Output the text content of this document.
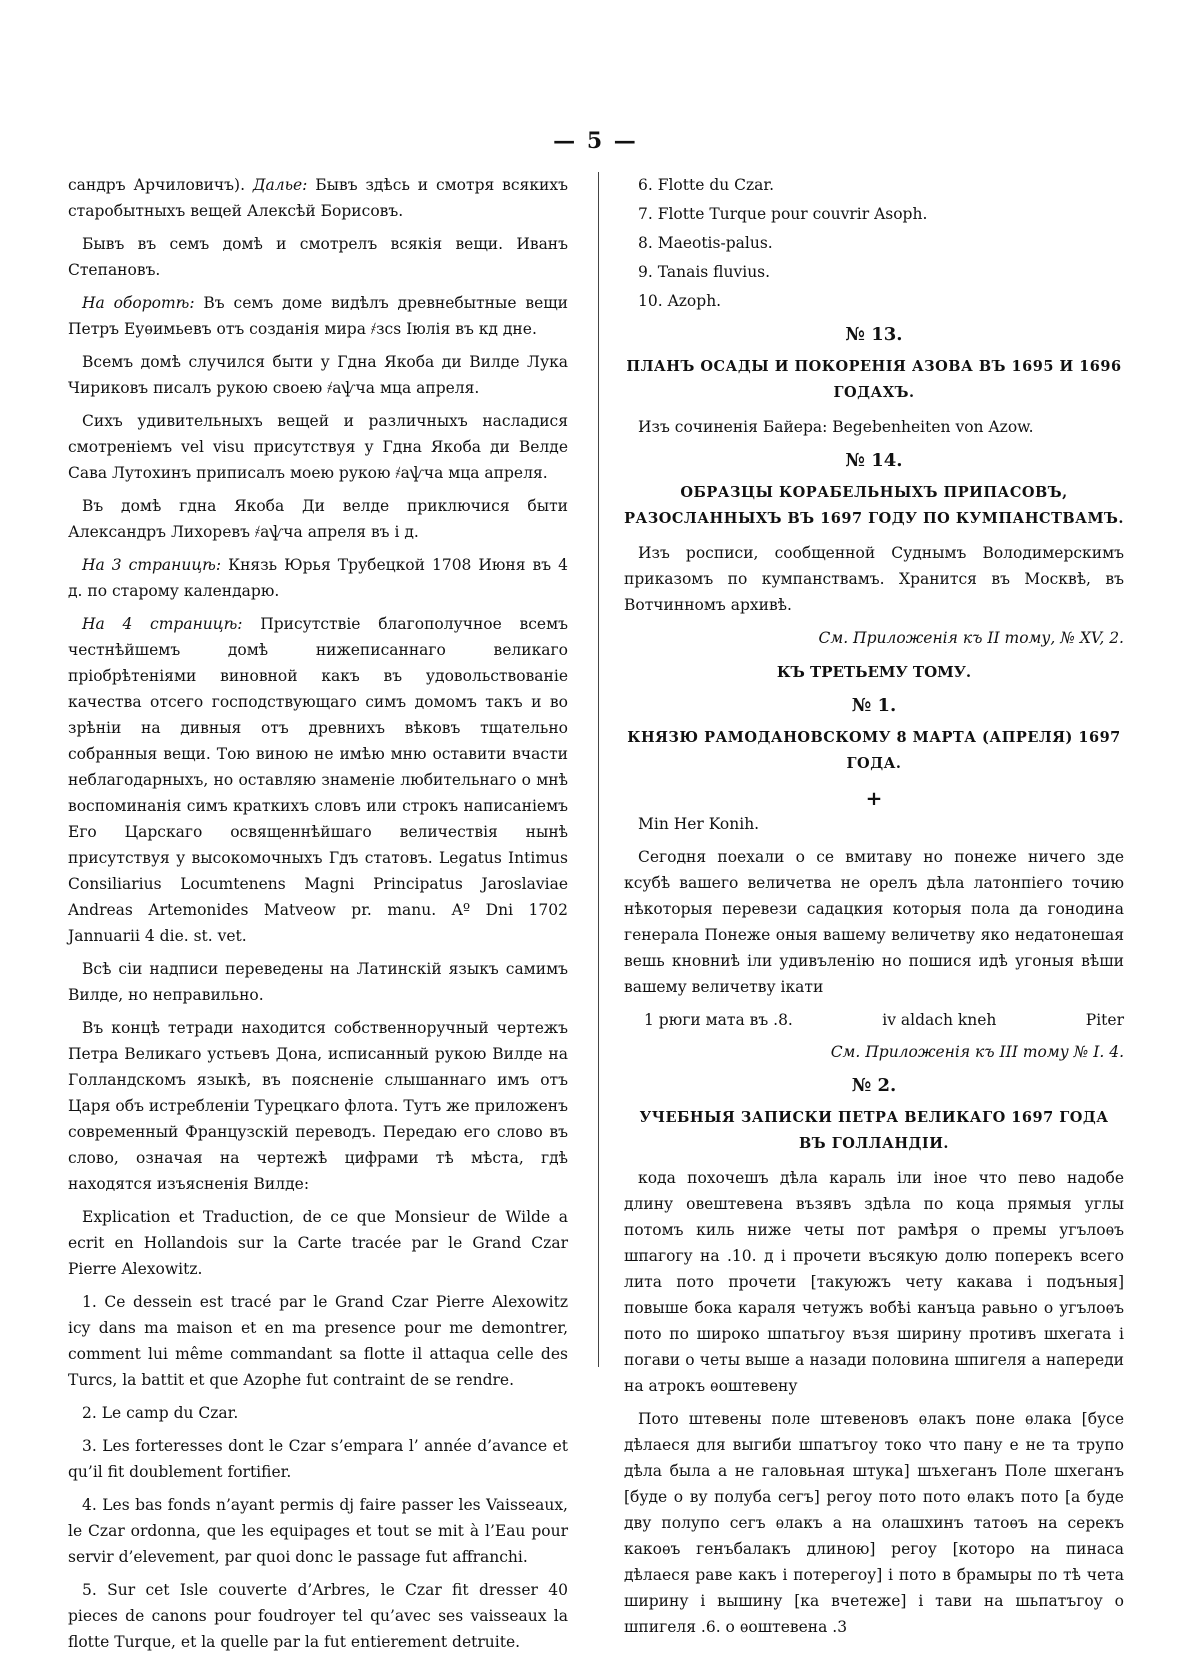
— 5 —

сандръ Арчиловичъ). Далье: Бывъ здѣсь и смотря всякихъ старобытныхъ вещей Алексѣй Борисовъ.

Бывъ въ семъ домѣ и смотрелъ всякія вещи. Иванъ Степановъ.

На оборотѣ: Въ семъ доме видѣлъ древнебытные вещи Петръ Еуѳимьевъ отъ созданія мира ҂зсѕ Іюлія въ кд дне.

Всемъ домѣ случился быти у Гдна Якоба ди Вилде Лука Чириковъ писалъ рукою своею ҂аѱча мца апреля.

Сихъ удивительныхъ вещей и различныхъ насладися смотреніемъ vel visu присутствуя у Гдна Якоба ди Велде Сава Лутохинъ приписалъ моею рукою ҂аѱча мца апреля.

Въ домѣ гдна Якоба Ди велде приключися быти Александръ Лихоревъ ҂аѱча апреля въ і д.

На 3 страницѣ: Князь Юрья Трубецкой 1708 Июня въ 4 д. по старому календарю.

На 4 страницѣ: Присутствіе благополучное всемъ честнѣйшемъ домѣ нижеписаннаго великаго пріобрѣтеніями виновной какъ въ удовольствованіе качества отсего господствующаго симъ домомъ такъ и во зрѣніи на дивныя отъ древнихъ вѣковъ тщательно собранныя вещи. Тою виною не имѣю мню оставити вчасти неблагодарныхъ, но оставляю знаменіе любительнаго о мнѣ воспоминанія симъ краткихъ словъ или строкъ написаніемъ Его Царскаго освященнѣйшаго величествія нынѣ присутствуя у высокомочныхъ Гдъ статовъ. Legatus Intimus Consiliarius Locumtenens Magni Principatus Jaroslaviae Andreas Artemonides Matveow pr. manu. Aº Dni 1702 Jannuarii 4 die. st. vet.

Всѣ сіи надписи переведены на Латинскій языкъ самимъ Вилде, но неправильно.

Въ концѣ тетради находится собственноручный чертежъ Петра Великаго устьевъ Дона, исписанный рукою Вилде на Голландскомъ языкѣ, въ поясненіе слышаннаго имъ отъ Царя объ истребленіи Турецкаго флота. Тутъ же приложенъ современный Французскій переводъ. Передаю его слово въ слово, означая на чертежѣ цифрами тѣ мѣста, гдѣ находятся изъясненія Вилде:

Explication et Traduction, de ce que Monsieur de Wilde a ecrit en Hollandois sur la Carte tracée par le Grand Czar Pierre Alexowitz.

1. Ce dessein est tracé par le Grand Czar Pierre Alexowitz icy dans ma maison et en ma presence pour me demontrer, comment lui même commandant sa flotte il attaqua celle des Turcs, la battit et que Azophe fut contraint de se rendre.

2. Le camp du Czar.

3. Les forteresses dont le Czar s’empara l’ année d’avance et qu’il fit doublement fortifier.

4. Les bas fonds n’ayant permis dj faire passer les Vaisseaux, le Czar ordonna, que les equipages et tout se mit à l’Eau pour servir d’elevement, par quoi donc le passage fut affranchi.

5. Sur cet Isle couverte d’Arbres, le Czar fit dresser 40 pieces de canons pour foudroyer tel qu’avec ses vaisseaux la flotte Turque, et la quelle par la fut entierement detruite.

6. Flotte du Czar.
7. Flotte Turque pour couvrir Asoph.
8. Maeotis-palus.
9. Tanais fluvius.
10. Azoph.
№ 13.
ПЛАНЪ ОСАДЫ И ПОКОРЕНІЯ АЗОВА ВЪ 1695 И 1696 ГОДАХЪ.

Изъ сочиненія Байера: Begebenheiten von Azow.

№ 14.
ОБРАЗЦЫ КОРАБЕЛЬНЫХЪ ПРИПАСОВЪ, РАЗОСЛАННЫХЪ ВЪ 1697 ГОДУ ПО КУМПАНСТВАМЪ.

Изъ росписи, сообщенной Суднымъ Володимерскимъ приказомъ по кумпанствамъ. Хранится въ Москвѣ, въ Вотчинномъ архивѣ.

См. Приложенія къ II тому, № XV, 2.
КЪ ТРЕТЬЕМУ ТОМУ.
№ 1.
КНЯЗЮ РАМОДАНОВСКОМУ 8 МАРТА (АПРЕЛЯ) 1697 ГОДА.
+

Min Her Konih.

Сегодня поехали о се вмитаву но понеже ничего зде ксубѣ вашего величетва не орелъ дѣла латонпіего точию нѣкоторыя перевези садацкия которыя пола да гонодина генерала Понеже оныя вашему величетву яко недатонешая вешь кновниѣ іли удивъленію но пошися идѣ угоныя вѣши вашему величетву ікати

1 рюги мата въ .8.	iv aldach kneh	Piter
См. Приложенія къ III тому № I. 4.
№ 2.
УЧЕБНЫЯ ЗАПИСКИ ПЕТРА ВЕЛИКАГО 1697 ГОДА ВЪ ГОЛЛАНДІИ.

кода похочешъ дѣла караль іли іное что пево надобе длину овештевена възявъ здѣла по коца прямыя углы потомъ киль ниже четы пот рамѣря о премы угълоѳъ шпагогу на .10. д і прочети въсякую долю поперекъ всего лита пото прочети [такуюжъ чету какава і подъныя] повыше бока караля четужъ вобѣі канъца равьно о угълоѳъ пото по широко шпатьгоу възя ширину противъ шхегата і погави о четы выше а назади половина шпигеля а напереди на атрокъ ѳоштевену

Пото штевены поле штевеновъ ѳлакъ поне ѳлака [бусе дѣлаеся для выгиби шпатъгоу токо что пану е не та трупо дѣла была а не галовьная штука] шъхеганъ Поле шхеганъ [буде о ву полуба сегъ] регоу пото пото ѳлакъ пото [а буде дву полупо сегъ ѳлакъ а на олашхинъ татоѳъ на серекъ какоѳъ генъбалакъ длиною] регоу [которо на пинаса дѣлаеся раве какъ і потерегоу] і пото в брамыры по тѣ чета ширину і вышину [ка вчетеже] і тави на шьпатъгоу о шпигеля .6. о ѳоштевена .3
